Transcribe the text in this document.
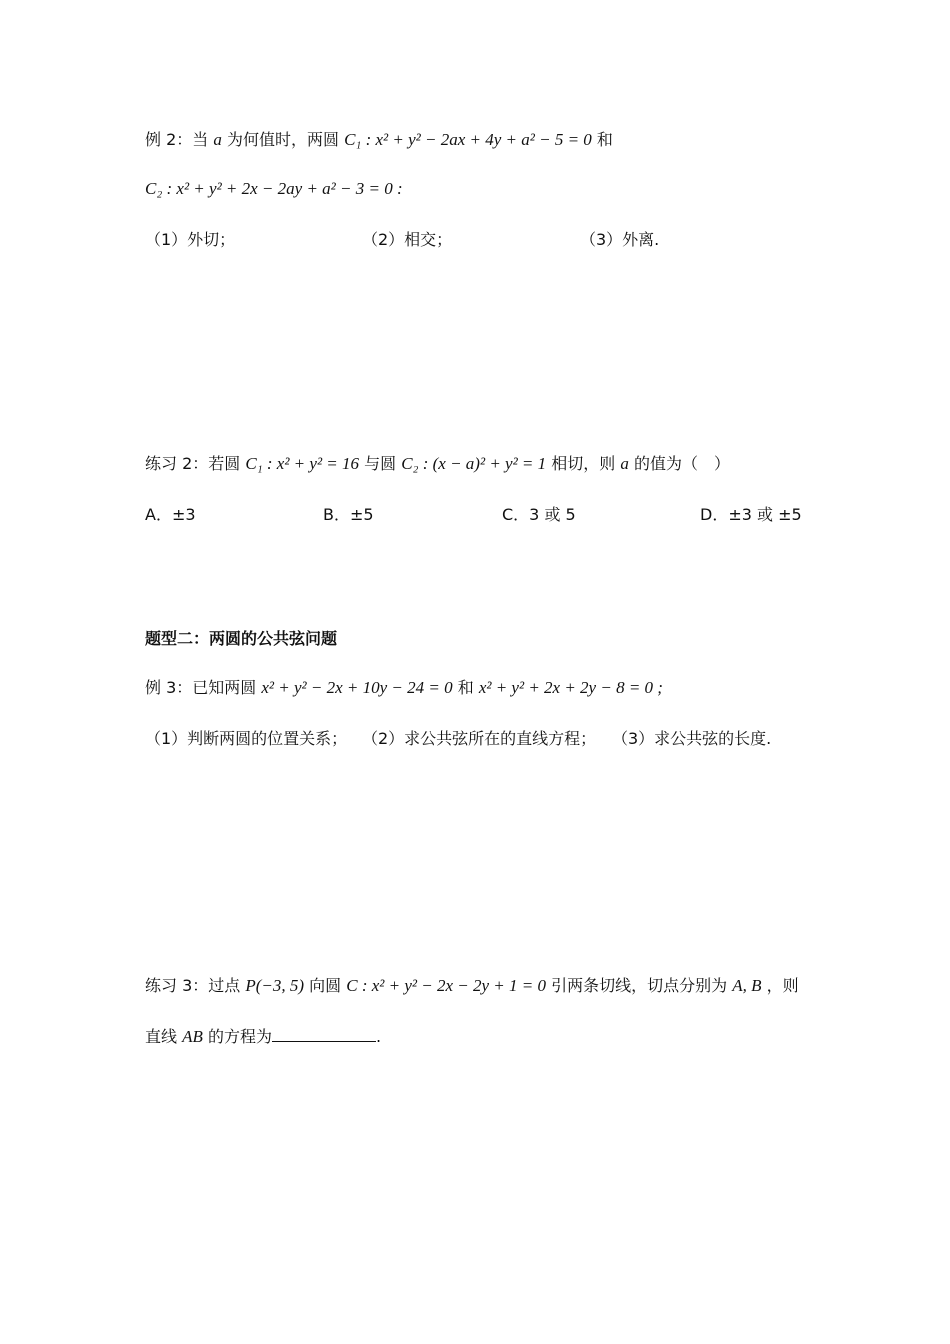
例 2：当 a 为何值时，两圆 C₁ : x² + y² − 2ax + 4y + a² − 5 = 0 和
C₂ : x² + y² + 2x − 2ay + a² − 3 = 0 :
（1）外切；	（2）相交；	（3）外离.
练习 2：若圆 C₁ : x² + y² = 16 与圆 C₂ : (x − a)² + y² = 1 相切，则 a 的值为（　）
A．±3	B．±5	C．3 或 5	D．±3 或 ±5
题型二：两圆的公共弦问题
例 3：已知两圆 x² + y² − 2x + 10y − 24 = 0 和 x² + y² + 2x + 2y − 8 = 0 ;
（1）判断两圆的位置关系； （2）求公共弦所在的直线方程； （3）求公共弦的长度.
练习 3：过点 P(−3, 5) 向圆 C : x² + y² − 2x − 2y + 1 = 0 引两条切线，切点分别为 A, B ，则
直线 AB 的方程为	.
